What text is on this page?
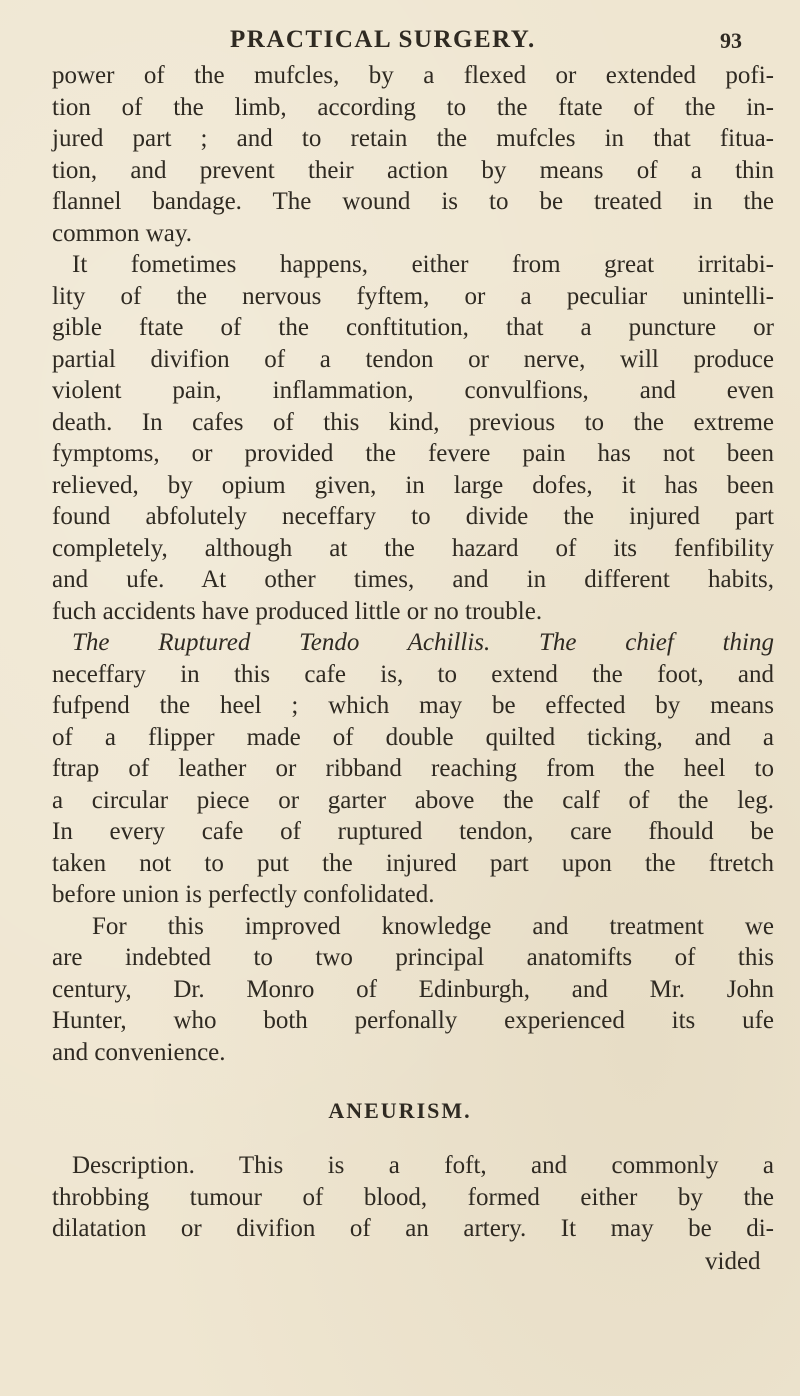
PRACTICAL SURGERY.	93
power of the mufcles, by a flexed or extended pofi-
tion of the limb, according to the ftate of the in-
jured part ; and to retain the mufcles in that fitua-
tion, and prevent their action by means of a thin
flannel bandage. The wound is to be treated in the
common way.
It fometimes happens, either from great irritabi-
lity of the nervous fyftem, or a peculiar unintelli-
gible ftate of the conftitution, that a puncture or
partial divifion of a tendon or nerve, will produce
violent pain, inflammation, convulfions, and even
death. In cafes of this kind, previous to the extreme
fymptoms, or provided the fevere pain has not been
relieved, by opium given, in large dofes, it has been
found abfolutely neceffary to divide the injured part
completely, although at the hazard of its fenfibility
and ufe. At other times, and in different habits,
fuch accidents have produced little or no trouble.
The Ruptured Tendo Achillis. The chief thing
neceffary in this cafe is, to extend the foot, and
fufpend the heel ; which may be effected by means
of a flipper made of double quilted ticking, and a
ftrap of leather or ribband reaching from the heel to
a circular piece or garter above the calf of the leg.
In every cafe of ruptured tendon, care fhould be
taken not to put the injured part upon the ftretch
before union is perfectly confolidated.
For this improved knowledge and treatment we
are indebted to two principal anatomifts of this
century, Dr. Monro of Edinburgh, and Mr. John
Hunter, who both perfonally experienced its ufe
and convenience.
ANEURISM.
Description. This is a foft, and commonly a
throbbing tumour of blood, formed either by the
dilatation or divifion of an artery. It may be di-
vided
